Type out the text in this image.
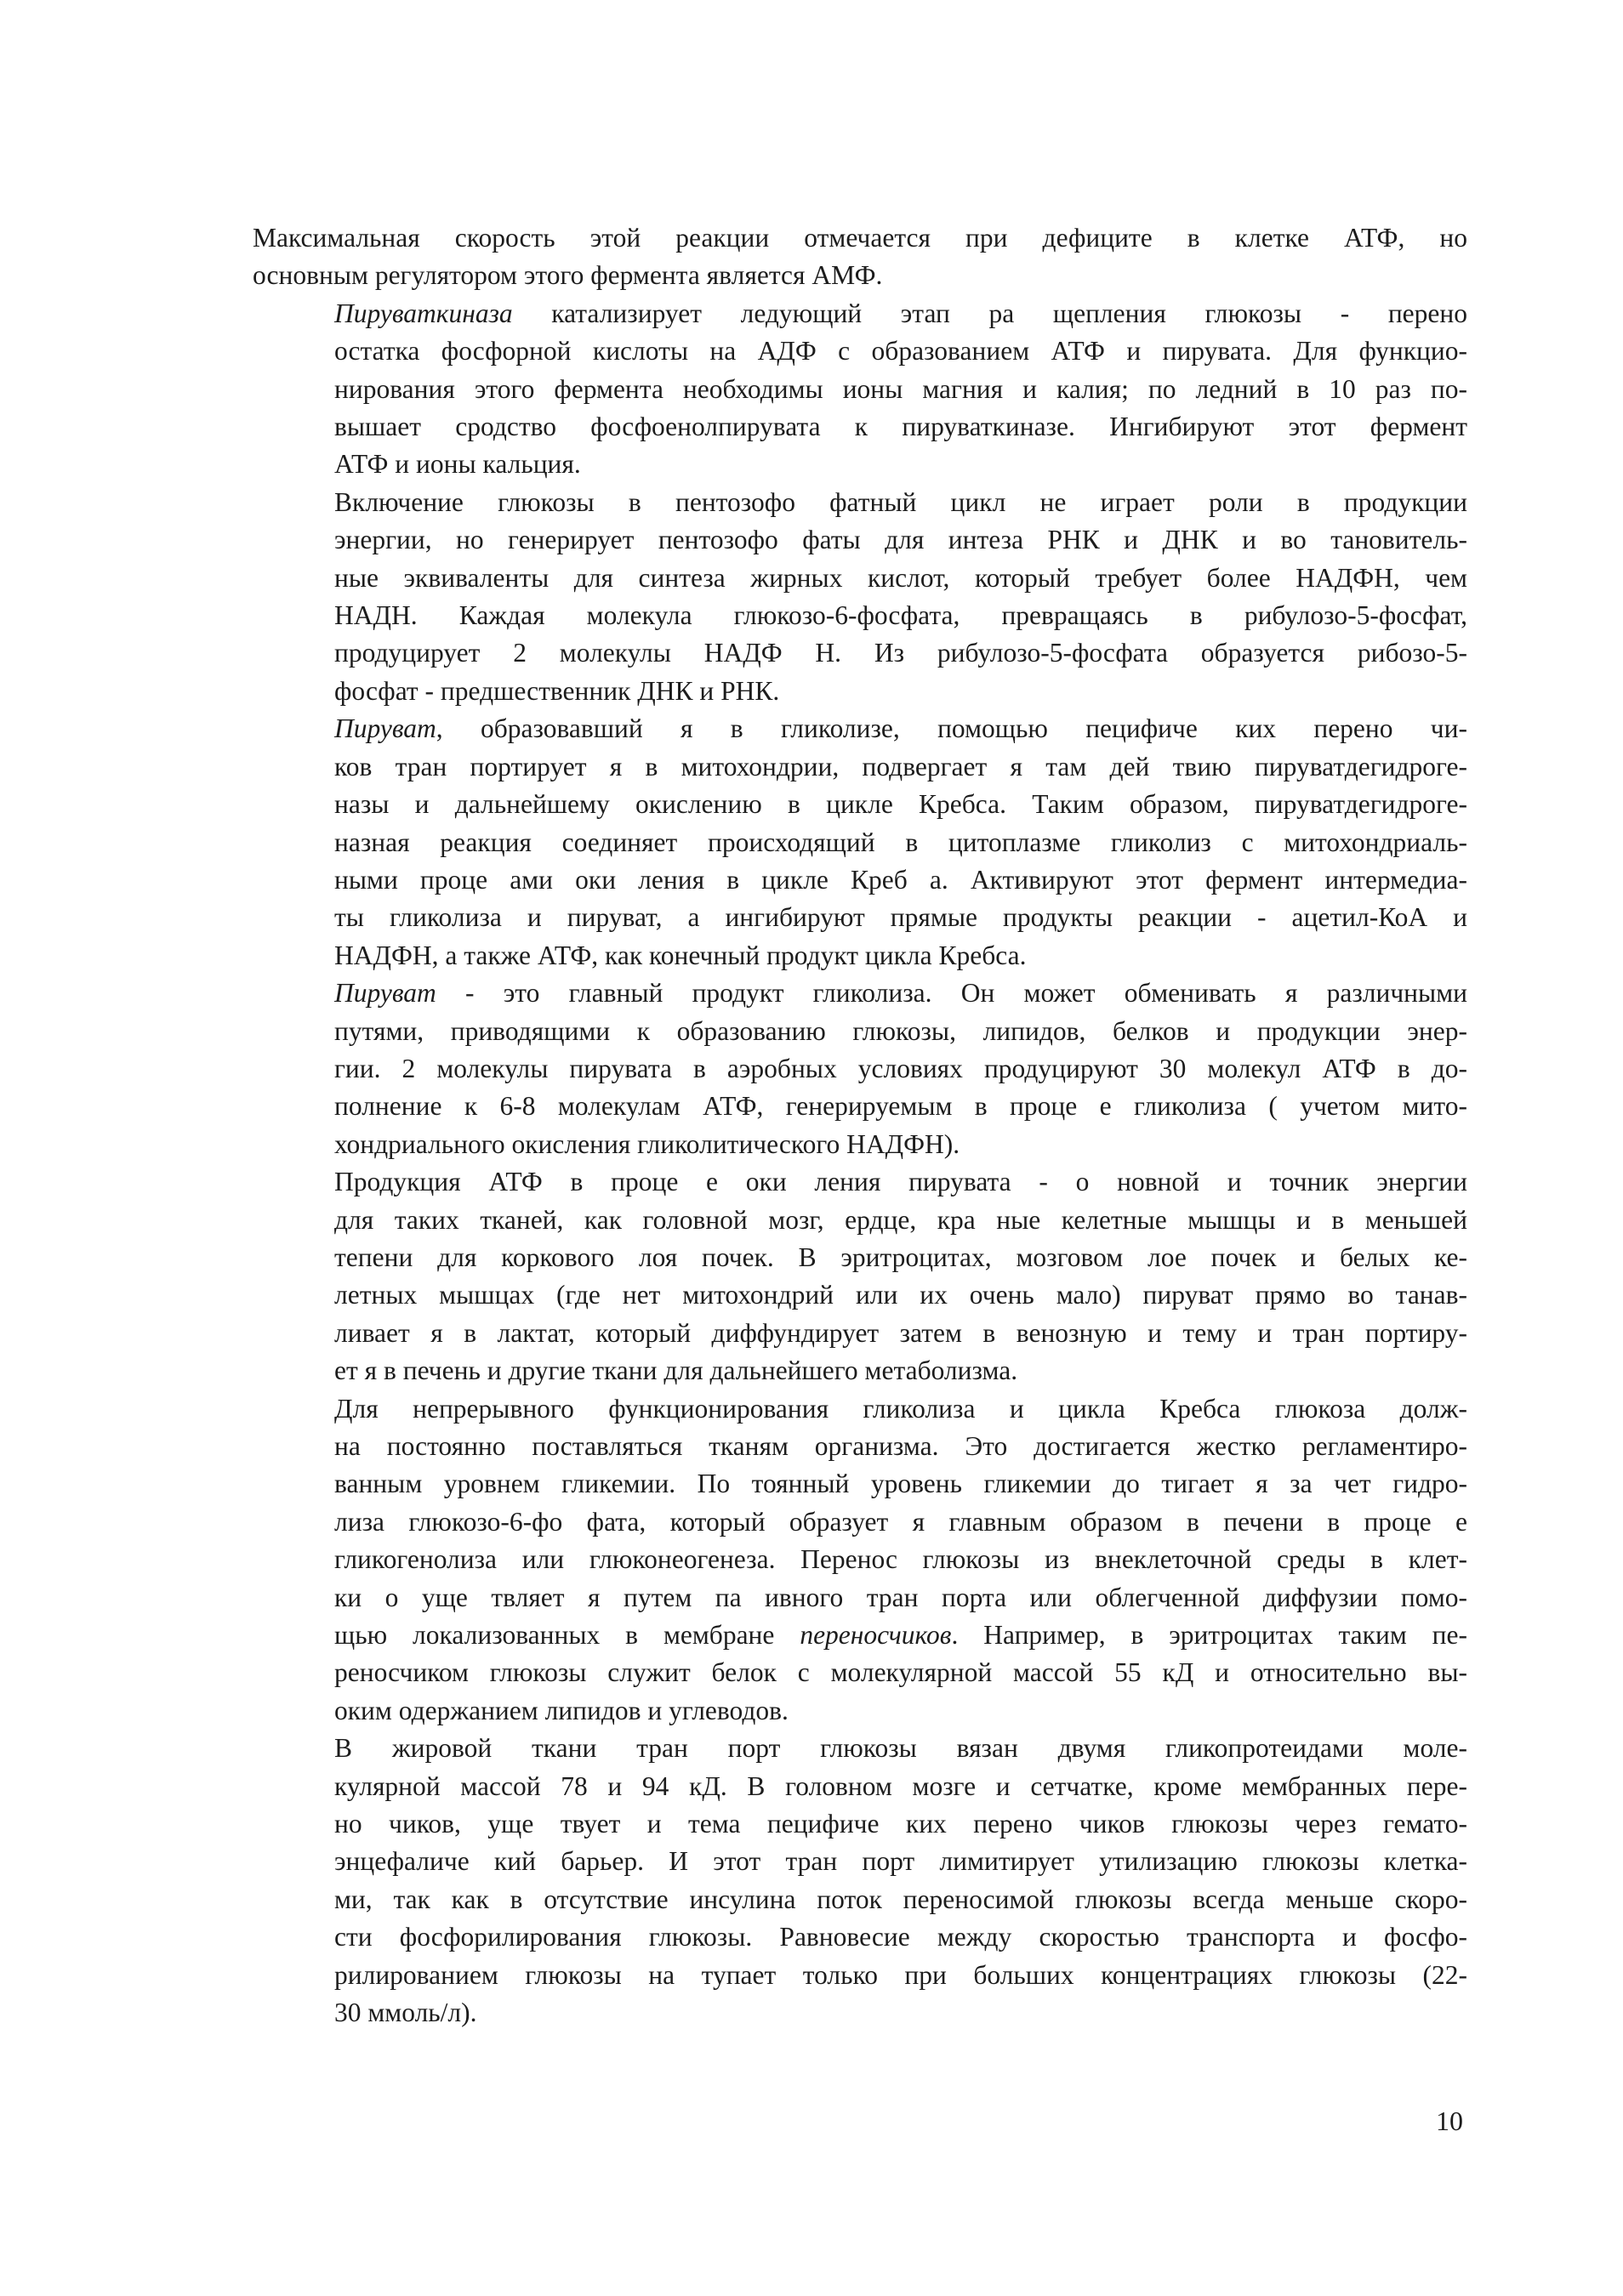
Максимальная скорость этой реакции отмечается при дефиците в клетке АТФ, но
основным регулятором этого фермента является АМФ.
Пируваткиназа катализирует ледующий этап ра щепления глюкозы - перено
остатка фосфорной кислоты на АДФ с образованием АТФ и пирувата. Для функцио-
нирования этого фермента необходимы ионы магния и калия; по ледний в 10 раз по-
вышает сродство фосфоенолпирувата к пируваткиназе. Ингибируют этот фермент
АТФ и ионы кальция.
Включение глюкозы в пентозофо фатный цикл не играет роли в продукции
энергии, но генерирует пентозофо фаты для интеза РНК и ДНК и во тановитель-
ные эквиваленты для синтеза жирных кислот, который требует более НАДФН, чем
НАДН. Каждая молекула глюкозо-6-фосфата, превращаясь в рибулозо-5-фосфат,
продуцирует 2 молекулы НАДФ Н. Из рибулозо-5-фосфата образуется рибозо-5-
фосфат - предшественник ДНК и РНК.
Пируват, образовавший я в гликолизе, помощью пецифиче ких перено чи-
ков тран портирует я в митохондрии, подвергает я там дей твию пируватдегидроге-
назы и дальнейшему окислению в цикле Кребса. Таким образом, пируватдегидроге-
назная реакция соединяет происходящий в цитоплазме гликолиз с митохондриаль-
ными проце ами оки ления в цикле Креб а. Активируют этот фермент интермедиа-
ты гликолиза и пируват, а ингибируют прямые продукты реакции - ацетил-КоА и
НАДФН, а также АТФ, как конечный продукт цикла Кребса.
Пируват - это главный продукт гликолиза. Он может обменивать я различными
путями, приводящими к образованию глюкозы, липидов, белков и продукции энер-
гии. 2 молекулы пирувата в аэробных условиях продуцируют 30 молекул АТФ в до-
полнение к 6-8 молекулам АТФ, генерируемым в проце е гликолиза ( учетом мито-
хондриального окисления гликолитического НАДФН).
Продукция АТФ в проце е оки ления пирувата - о новной и точник энергии
для таких тканей, как головной мозг, ердце, кра ные келетные мышцы и в меньшей
тепени для коркового лоя почек. В эритроцитах, мозговом лое почек и белых ке-
летных мышцах (где нет митохондрий или их очень мало) пируват прямо во танав-
ливает я в лактат, который диффундирует затем в венозную и тему и тран портиру-
ет я в печень и другие ткани для дальнейшего метаболизма.
Для непрерывного функционирования гликолиза и цикла Кребса глюкоза долж-
на постоянно поставляться тканям организма. Это достигается жестко регламентиро-
ванным уровнем гликемии. По тоянный уровень гликемии до тигает я за чет гидро-
лиза глюкозо-6-фо фата, который образует я главным образом в печени в проце е
гликогенолиза или глюконеогенеза. Перенос глюкозы из внеклеточной среды в клет-
ки о уще твляет я путем па ивного тран порта или облегченной диффузии помо-
щью локализованных в мембране переносчиков. Например, в эритроцитах таким пе-
реносчиком глюкозы служит белок с молекулярной массой 55 кД и относительно вы-
оким одержанием липидов и углеводов.
В жировой ткани тран порт глюкозы вязан двумя гликопротеидами моле-
кулярной массой 78 и 94 кД. В головном мозге и сетчатке, кроме мембранных пере-
но чиков, уще твует и тема пецифиче ких перено чиков глюкозы через гемато-
энцефаличе кий барьер. И этот тран порт лимитирует утилизацию глюкозы клетка-
ми, так как в отсутствие инсулина поток переносимой глюкозы всегда меньше скоро-
сти фосфорилирования глюкозы. Равновесие между скоростью транспорта и фосфо-
рилированием глюкозы на тупает только при больших концентрациях глюкозы (22-
30 ммоль/л).
10
